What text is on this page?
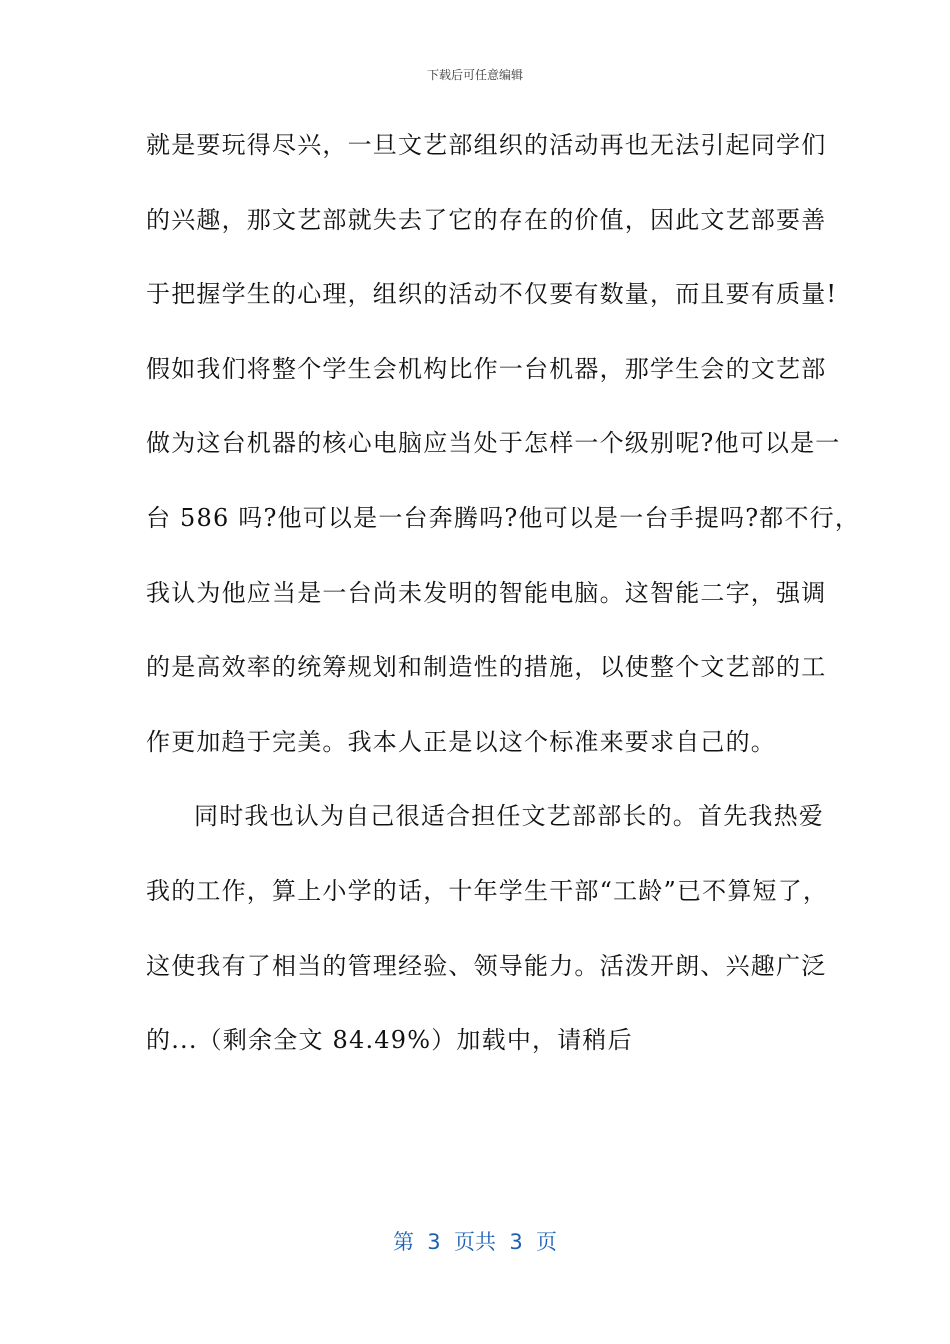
下载后可任意编辑
就是要玩得尽兴，一旦文艺部组织的活动再也无法引起同学们
的兴趣，那文艺部就失去了它的存在的价值，因此文艺部要善
于把握学生的心理，组织的活动不仅要有数量，而且要有质量!
假如我们将整个学生会机构比作一台机器，那学生会的文艺部
做为这台机器的核心电脑应当处于怎样一个级别呢?他可以是一
台 586 吗?他可以是一台奔腾吗?他可以是一台手提吗?都不行，
我认为他应当是一台尚未发明的智能电脑。这智能二字，强调
的是高效率的统筹规划和制造性的措施，以使整个文艺部的工
作更加趋于完美。我本人正是以这个标准来要求自己的。
同时我也认为自己很适合担任文艺部部长的。首先我热爱
我的工作，算上小学的话，十年学生干部“工龄”已不算短了，
这使我有了相当的管理经验、领导能力。活泼开朗、兴趣广泛
的...（剩余全文 84.49%）加载中，请稍后
第  3  页共  3  页
